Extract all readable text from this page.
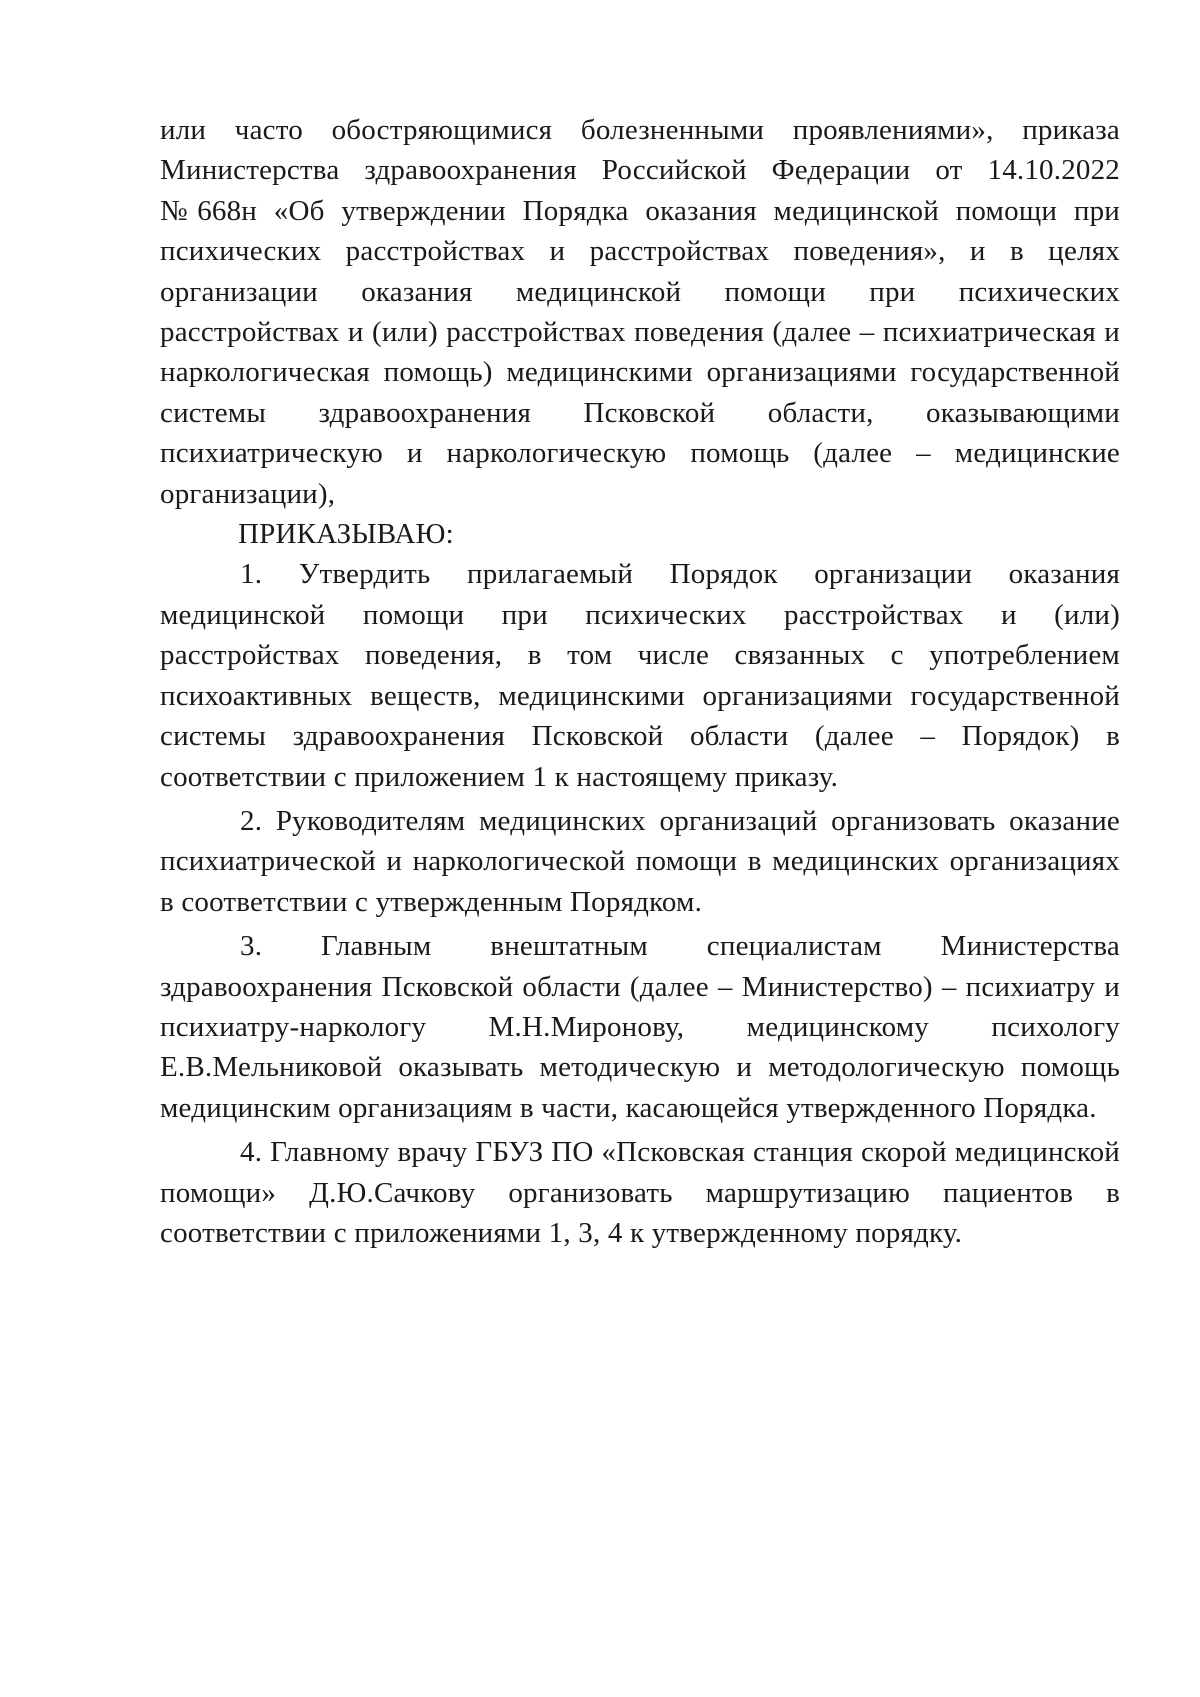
или часто обостряющимися болезненными проявлениями», приказа Министерства здравоохранения Российской Федерации от 14.10.2022 №668н «Об утверждении Порядка оказания медицинской помощи при психических расстройствах и расстройствах поведения», и в целях организации оказания медицинской помощи при психических расстройствах и (или) расстройствах поведения (далее – психиатрическая и наркологическая помощь) медицинскими организациями государственной системы здравоохранения Псковской области, оказывающими психиатрическую и наркологическую помощь (далее – медицинские организации),

ПРИКАЗЫВАЮ:

1. Утвердить прилагаемый Порядок организации оказания медицинской помощи при психических расстройствах и (или) расстройствах поведения, в том числе связанных с употреблением психоактивных веществ, медицинскими организациями государственной системы здравоохранения Псковской области (далее – Порядок) в соответствии с приложением 1 к настоящему приказу.

2. Руководителям медицинских организаций организовать оказание психиатрической и наркологической помощи в медицинских организациях в соответствии с утвержденным Порядком.

3. Главным внештатным специалистам Министерства здравоохранения Псковской области (далее – Министерство) – психиатру и психиатру-наркологу М.Н.Миронову, медицинскому психологу Е.В.Мельниковой оказывать методическую и методологическую помощь медицинским организациям в части, касающейся утвержденного Порядка.

4. Главному врачу ГБУЗ ПО «Псковская станция скорой медицинской помощи» Д.Ю.Сачкову организовать маршрутизацию пациентов в соответствии с приложениями 1, 3, 4 к утвержденному порядку.
